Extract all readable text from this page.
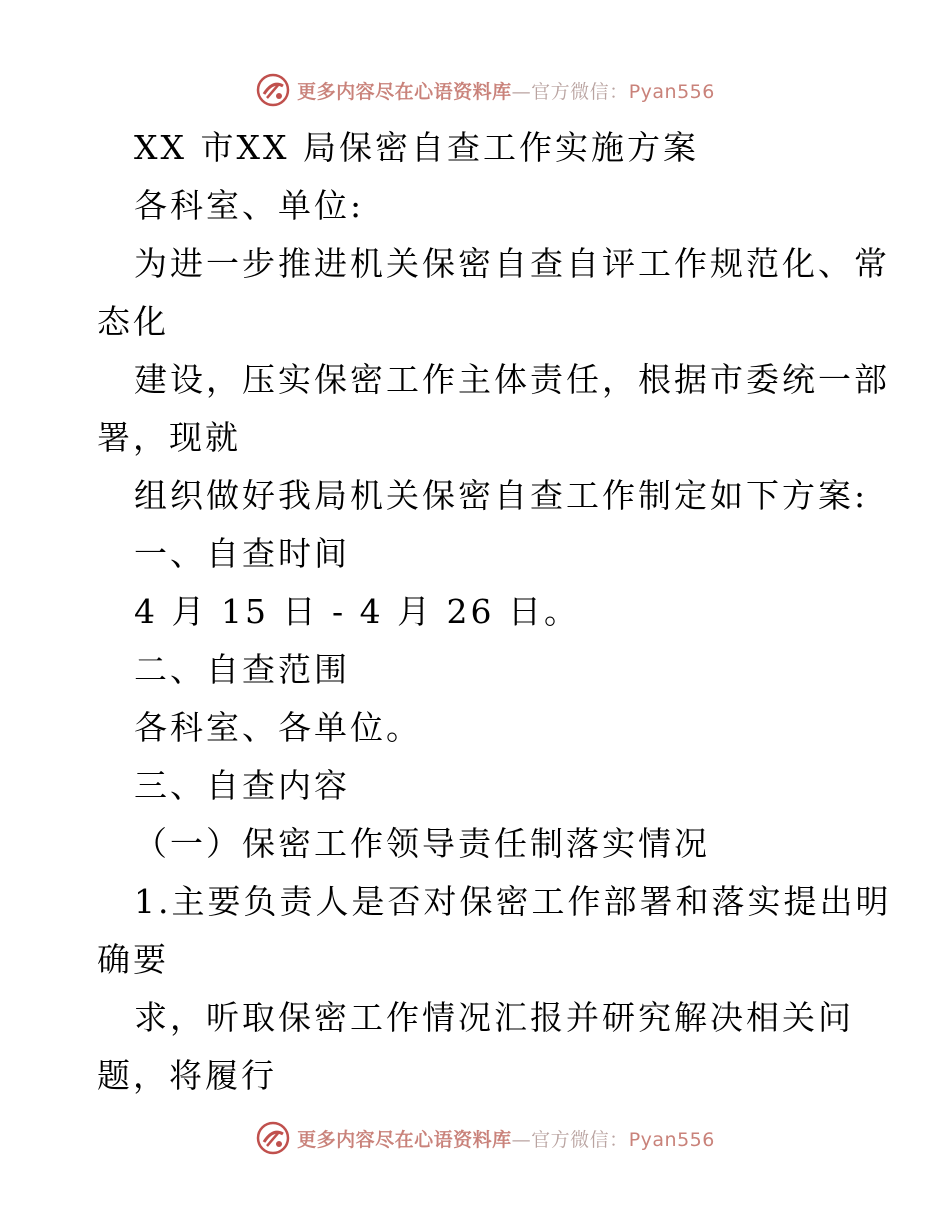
更多内容尽在心语资料库—官方微信：Pyan556
XX 市XX 局保密自查工作实施方案
各科室、单位:
为进一步推进机关保密自查自评工作规范化、常
态化
建设，压实保密工作主体责任，根据市委统一部
署，现就
组织做好我局机关保密自查工作制定如下方案:
一、自查时间
4 月 15 日 - 4 月 26 日。
二、自查范围
各科室、各单位。
三、自查内容
（一）保密工作领导责任制落实情况
1.主要负责人是否对保密工作部署和落实提出明
确要
求，听取保密工作情况汇报并研究解决相关问
题，将履行
更多内容尽在心语资料库—官方微信：Pyan556
